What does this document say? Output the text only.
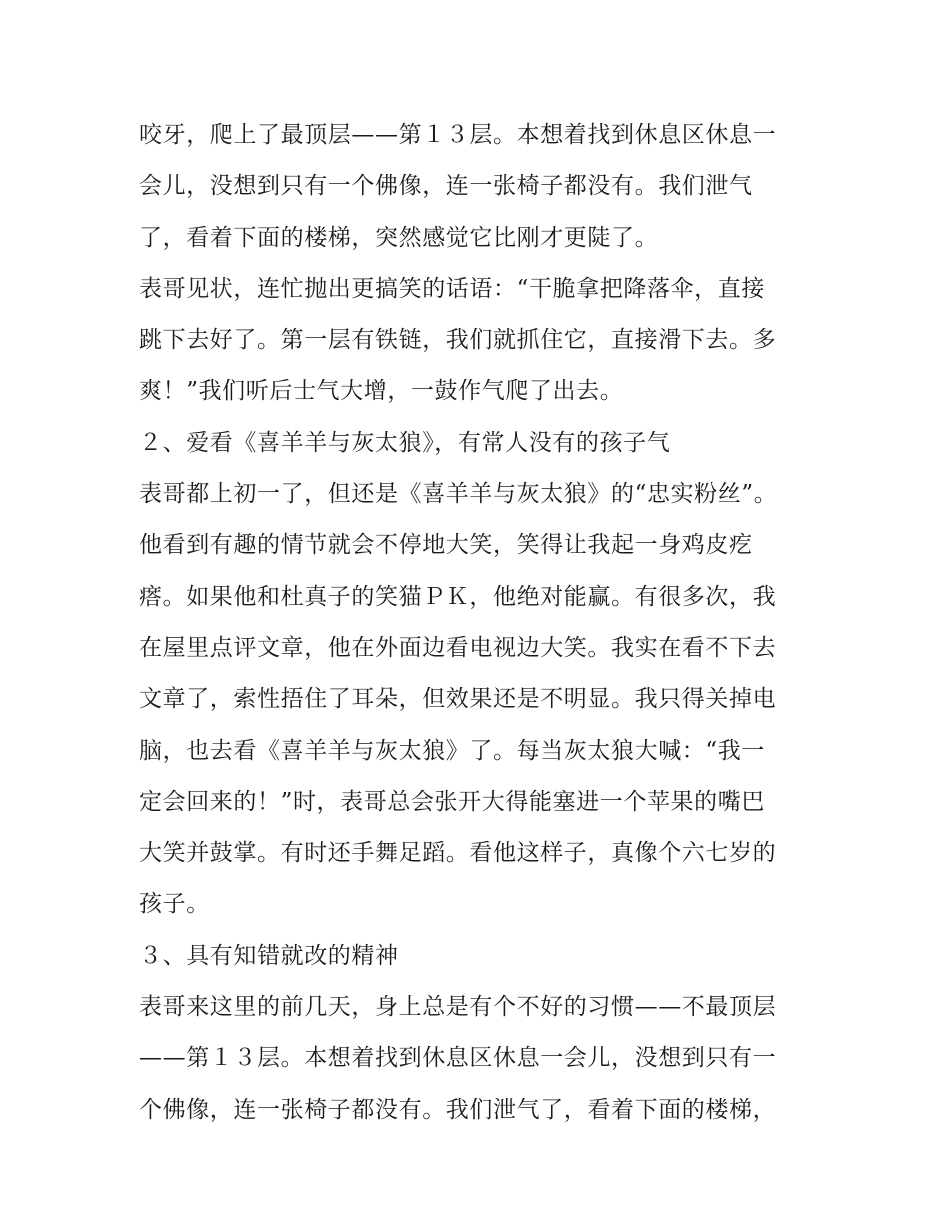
咬牙，爬上了最顶层——第１３层。本想着找到休息区休息一
会儿，没想到只有一个佛像，连一张椅子都没有。我们泄气
了，看着下面的楼梯，突然感觉它比刚才更陡了。
表哥见状，连忙抛出更搞笑的话语：“干脆拿把降落伞，直接
跳下去好了。第一层有铁链，我们就抓住它，直接滑下去。多
爽！”我们听后士气大增，一鼓作气爬了出去。
２、爱看《喜羊羊与灰太狼》，有常人没有的孩子气
表哥都上初一了，但还是《喜羊羊与灰太狼》的“忠实粉丝”。
他看到有趣的情节就会不停地大笑，笑得让我起一身鸡皮疙
瘩。如果他和杜真子的笑猫ＰＫ，他绝对能赢。有很多次，我
在屋里点评文章，他在外面边看电视边大笑。我实在看不下去
文章了，索性捂住了耳朵，但效果还是不明显。我只得关掉电
脑，也去看《喜羊羊与灰太狼》了。每当灰太狼大喊：“我一
定会回来的！”时，表哥总会张开大得能塞进一个苹果的嘴巴
大笑并鼓掌。有时还手舞足蹈。看他这样子，真像个六七岁的
孩子。
３、具有知错就改的精神
表哥来这里的前几天，身上总是有个不好的习惯——不最顶层
——第１３层。本想着找到休息区休息一会儿，没想到只有一
个佛像，连一张椅子都没有。我们泄气了，看着下面的楼梯，
